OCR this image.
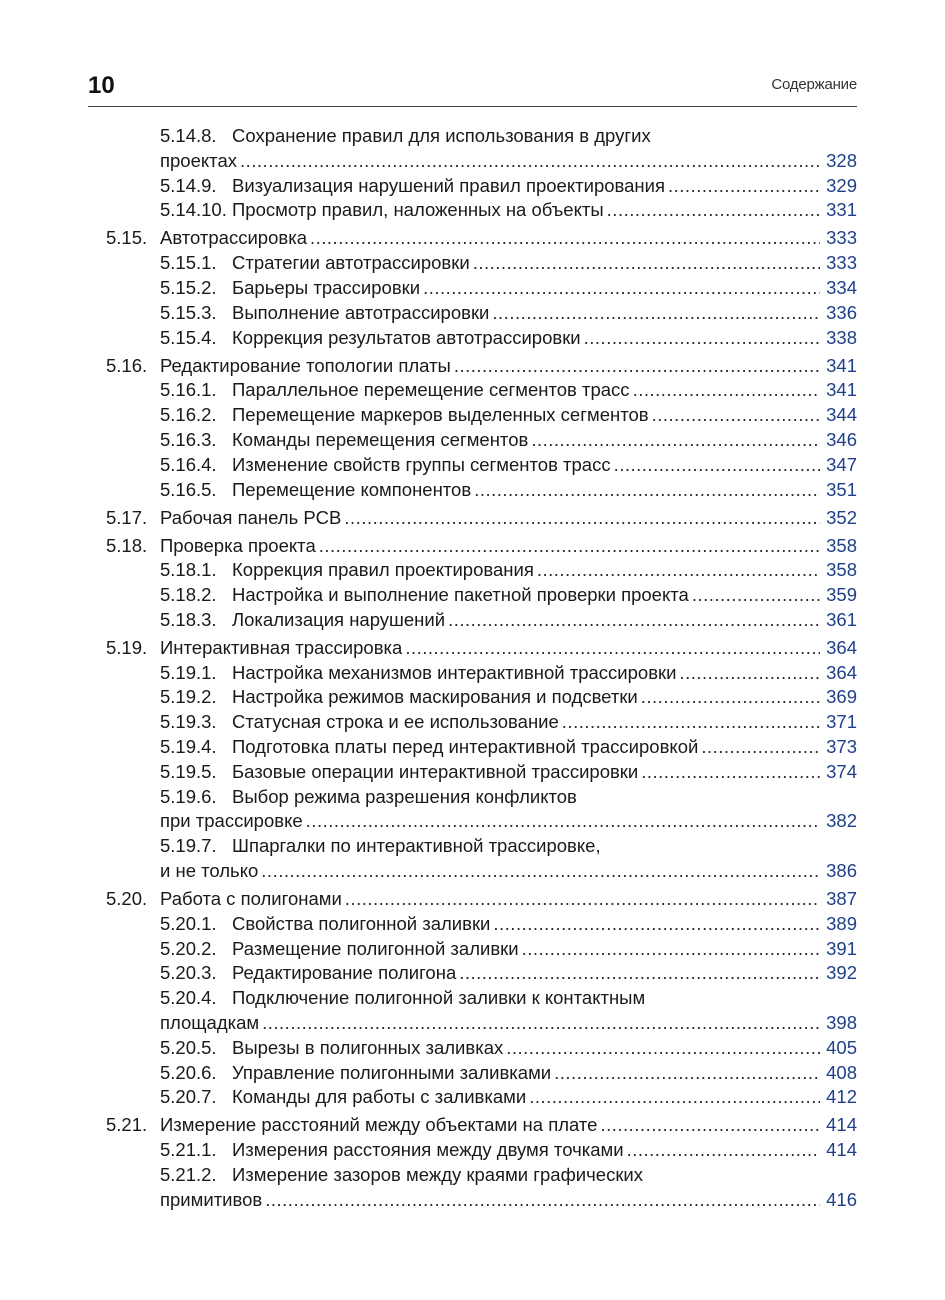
10	Содержание
5.14.8. Сохранение правил для использования в других
проектах .....	328
5.14.9. Визуализация нарушений правил проектирования .....	329
5.14.10. Просмотр правил, наложенных на объекты .....	331
5.15. Автотрассировка .....	333
5.15.1. Стратегии автотрассировки .....	333
5.15.2. Барьеры трассировки .....	334
5.15.3. Выполнение автотрассировки .....	336
5.15.4. Коррекция результатов автотрассировки .....	338
5.16. Редактирование топологии платы .....	341
5.16.1. Параллельное перемещение сегментов трасс .....	341
5.16.2. Перемещение маркеров выделенных сегментов .....	344
5.16.3. Команды перемещения сегментов .....	346
5.16.4. Изменение свойств группы сегментов трасс .....	347
5.16.5. Перемещение компонентов .....	351
5.17. Рабочая панель PCB .....	352
5.18. Проверка проекта .....	358
5.18.1. Коррекция правил проектирования .....	358
5.18.2. Настройка и выполнение пакетной проверки проекта .....	359
5.18.3. Локализация нарушений .....	361
5.19. Интерактивная трассировка .....	364
5.19.1. Настройка механизмов интерактивной трассировки .....	364
5.19.2. Настройка режимов маскирования и подсветки .....	369
5.19.3. Статусная строка и ее использование .....	371
5.19.4. Подготовка платы перед интерактивной трассировкой .....	373
5.19.5. Базовые операции интерактивной трассировки .....	374
5.19.6. Выбор режима разрешения конфликтов
при трассировке .....	382
5.19.7. Шпаргалки по интерактивной трассировке,
и не только .....	386
5.20. Работа с полигонами .....	387
5.20.1. Свойства полигонной заливки .....	389
5.20.2. Размещение полигонной заливки .....	391
5.20.3. Редактирование полигона .....	392
5.20.4. Подключение полигонной заливки к контактным
площадкам .....	398
5.20.5. Вырезы в полигонных заливках .....	405
5.20.6. Управление полигонными заливками .....	408
5.20.7. Команды для работы с заливками .....	412
5.21. Измерение расстояний между объектами на плате .....	414
5.21.1. Измерения расстояния между двумя точками .....	414
5.21.2. Измерение зазоров между краями графических
примитивов .....	416
